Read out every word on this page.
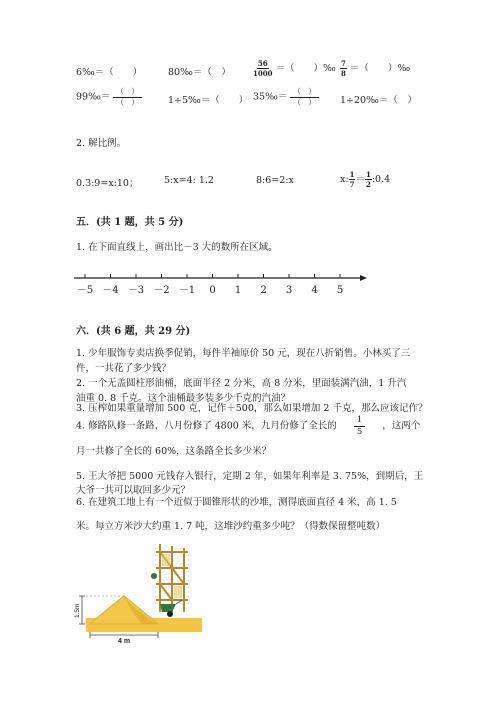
6‰＝（　　）	80‰＝（　）	$\frac{56}{1000}$ ＝（　　）‰ $\frac{7}{8}$ ＝（　　）‰
99‰＝ $\frac{( )}{( )}$	1÷5‰＝（　　） 35‰＝ $\frac{( )}{( )}$ 1÷20‰＝（　）
2. 解比例。
0.3:9=x:10；	5:x=4: 1.2	8:6=2:x	x: $\frac{1}{7} = \frac{1}{2}$ :0.4
五．(共 1 题，共 5 分)
1. 在下面直线上，画出比－3 大的数所在区域。
－5 －4 －3 －2 －1 0 1 2 3 4 5
六．(共 6 题，共 29 分)
1. 少年服饰专卖店换季促销，每件半袖原价 50 元，现在八折销售。小林买了三
件，一共花了多少钱？
2. 一个无盖圆柱形油桶，底面半径 2 分米，高 8 分米，里面装满汽油，1 升汽
油重 0. 8 千克。这个油桶最多装多少千克的汽油？
3. 压榨如果重量增加 500 克，记作＋500，那么如果增加 2 千克，那么应该记作？
4. 修路队修一条路，八月份修了 4800 米，九月份修了全长的 $\frac{1}{5}$ ，这两个
月一共修了全长的 60%，这条路全长多少米？
5. 王大爷把 5000 元钱存入银行，定期 2 年，如果年利率是 3. 75%，到期后，王
大爷一共可以取回多少元？
6. 在建筑工地上有一个近似于圆锥形状的沙堆，测得底面直径 4 米，高 1. 5
米。每立方米沙大约重 1. 7 吨，这堆沙约重多少吨？（得数保留整吨数）
1.5m
4 m
